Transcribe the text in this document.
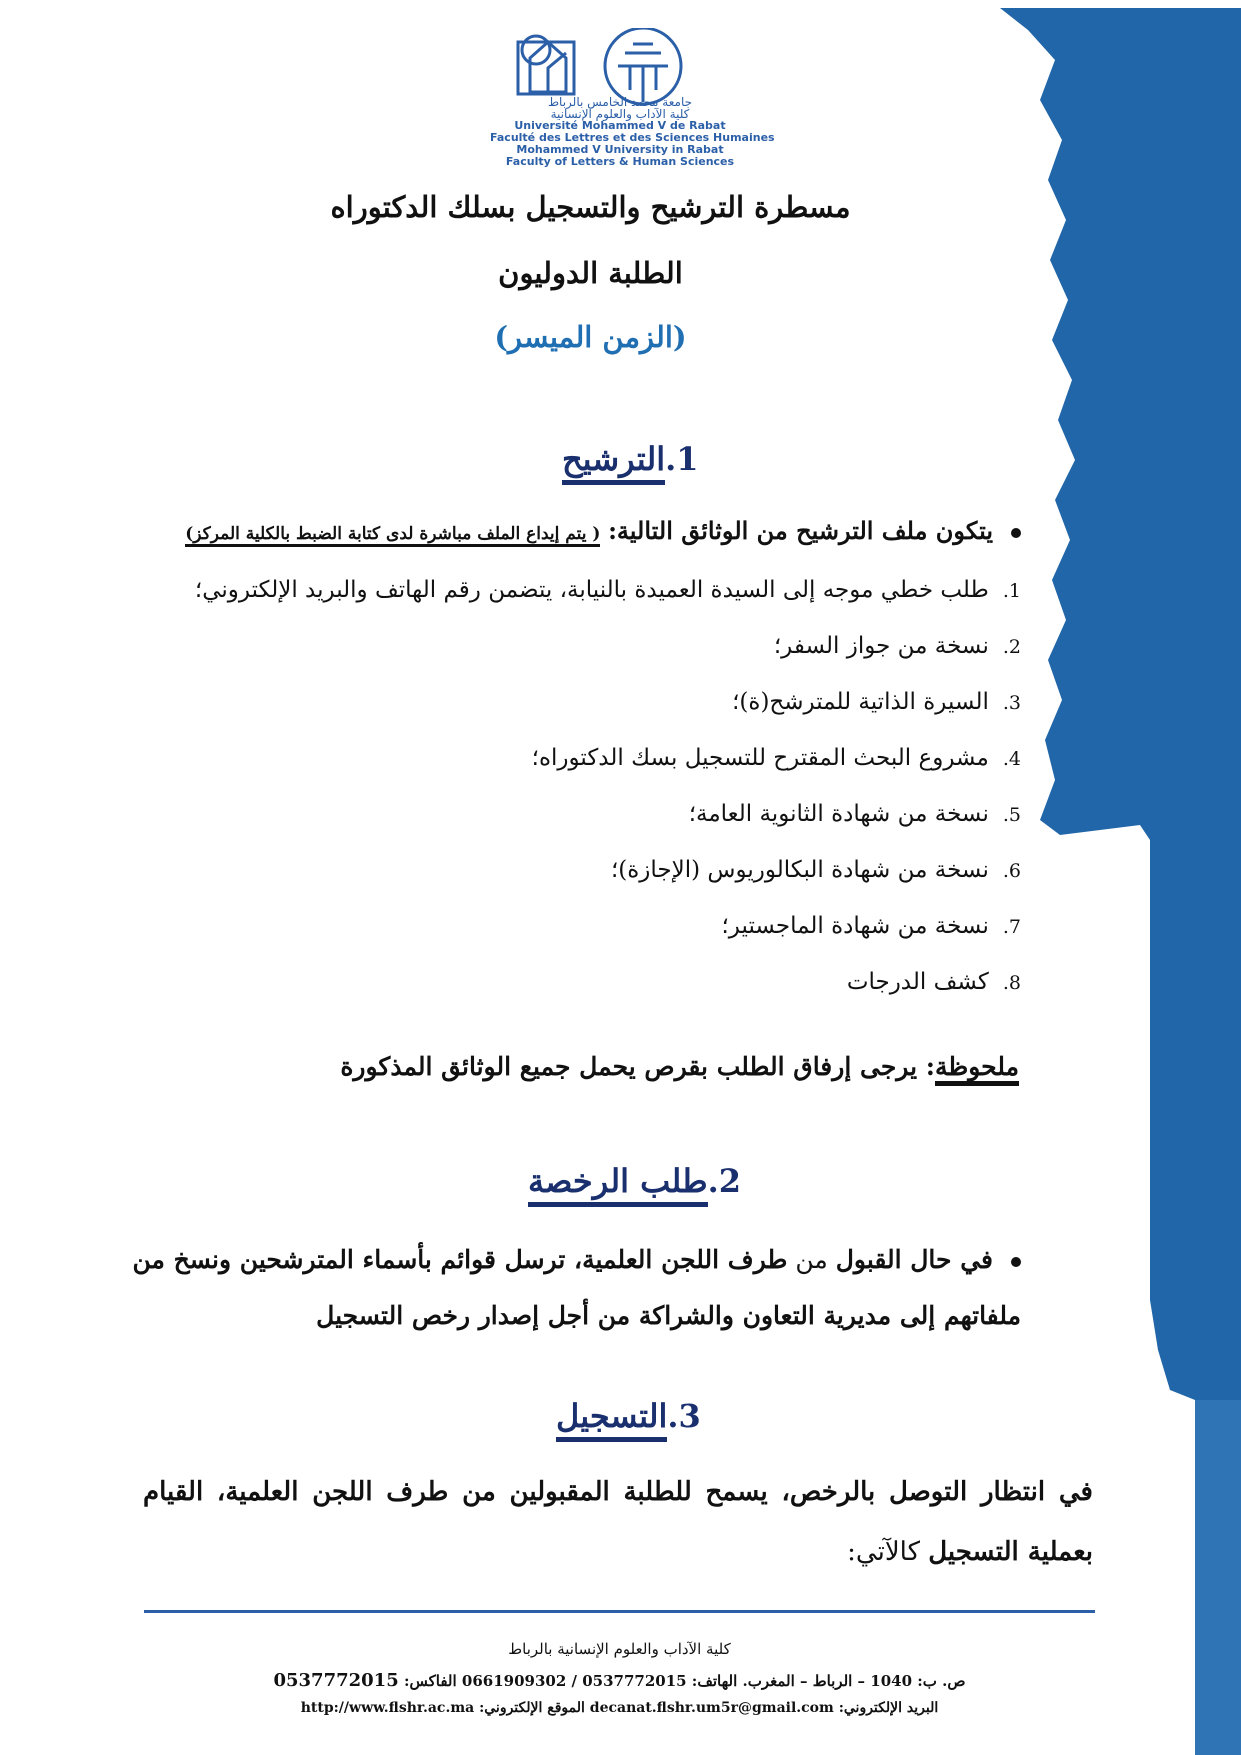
جامعة محمد الخامس بالرباط
كلية الآداب والعلوم الإنسانية
Université Mohammed V de Rabat
Faculté des Lettres et des Sciences Humaines
Mohammed V University in Rabat
Faculty of Letters & Human Sciences
مسطرة الترشيح والتسجيل بسلك الدكتوراه
الطلبة الدوليون
(الزمن الميسر)
1.الترشيح
يتكون ملف الترشيح من الوثائق التالية: ( يتم إيداع الملف مباشرة لدى كتابة الضبط بالكلية المركز)
1.طلب خطي موجه إلى السيدة العميدة بالنيابة، يتضمن رقم الهاتف والبريد الإلكتروني؛
2.نسخة من جواز السفر؛
3.السيرة الذاتية للمترشح(ة)؛
4.مشروع البحث المقترح للتسجيل بسك الدكتوراه؛
5.نسخة من شهادة الثانوية العامة؛
6.نسخة من شهادة البكالوريوس (الإجازة)؛
7.نسخة من شهادة الماجستير؛
8.كشف الدرجات
ملحوظة: يرجى إرفاق الطلب بقرص يحمل جميع الوثائق المذكورة
2.طلب الرخصة
في حال القبول من طرف اللجن العلمية، ترسل قوائم بأسماء المترشحين ونسخ من ملفاتهم إلى مديرية التعاون والشراكة من أجل إصدار رخص التسجيل
3.التسجيل
في انتظار التوصل بالرخص، يسمح للطلبة المقبولين من طرف اللجن العلمية، القيام بعملية التسجيل كالآتي:
كلية الآداب والعلوم الإنسانية بالرباط
ص. ب: 1040 – الرباط – المغرب. الهاتف: 0537772015 / 0661909302 الفاكس: 0537772015
البريد الإلكتروني: decanat.flshr.um5r@gmail.com الموقع الإلكتروني: http://www.flshr.ac.ma
